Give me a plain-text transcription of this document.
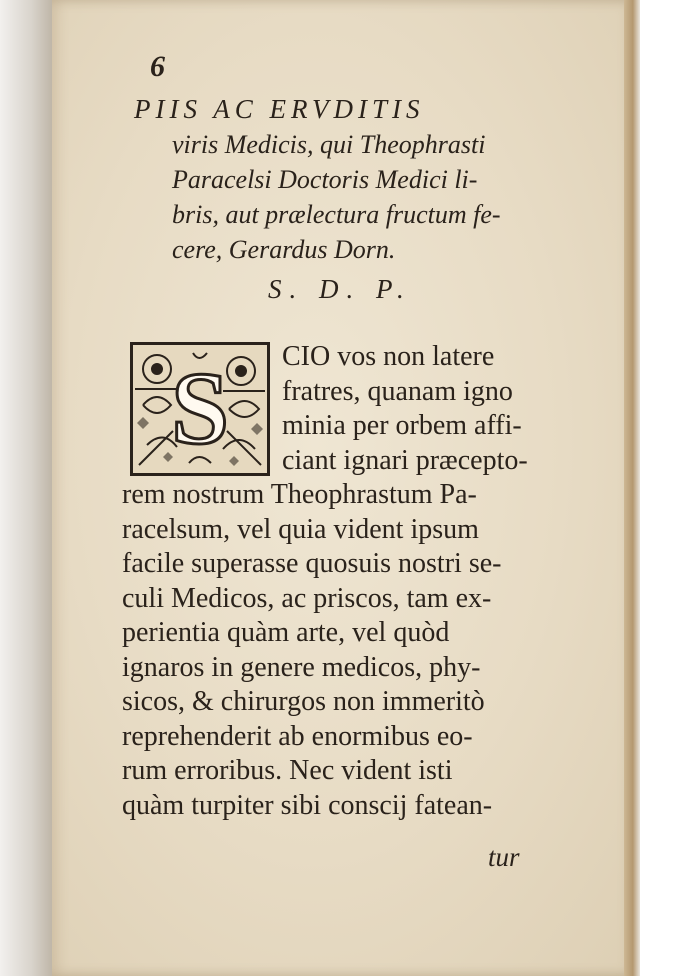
6
PIIS AC ERVDITIS
viris Medicis, qui Theophrasti
Paracelsi Doctoris Medici li-
bris, aut prælectura fructum fe-
cere, Gerardus Dorn.
S. D. P.
S	CIO vos non latere
fratres, quanam igno
minia per orbem affi-
ciant ignari præcepto-
rem nostrum Theophrastum Pa-
racelsum, vel quia vident ipsum
facile superasse quosuis nostri se-
culi Medicos, ac priscos, tam ex-
perientia quàm arte, vel quòd
ignaros in genere medicos, phy-
sicos, & chirurgos non immeritò
reprehenderit ab enormibus eo-
rum erroribus. Nec vident isti
quàm turpiter sibi conscij fatean-
tur
